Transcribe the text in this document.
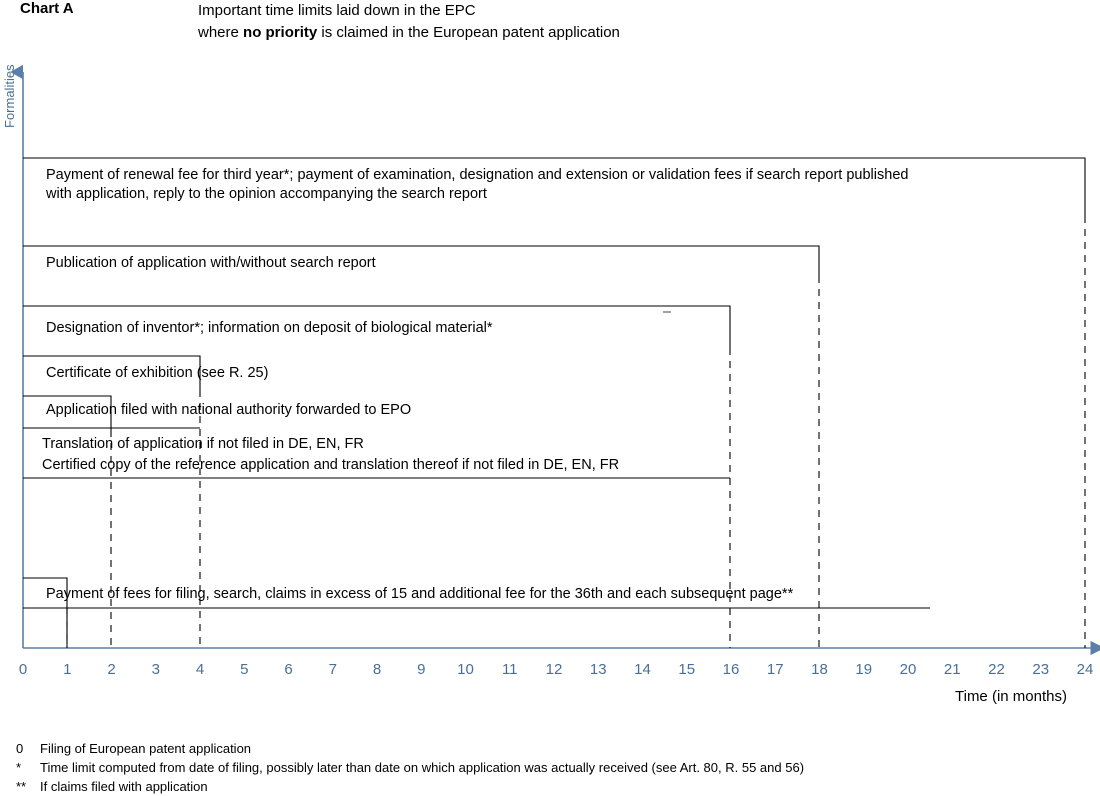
Chart A	Important time limits laid down in the EPC
where no priority is claimed in the European patent application
Formalities
Time (in months)
Payment of renewal fee for third year*; payment of examination, designation and extension or validation fees if search report published
with application, reply to the opinion accompanying the search report
Publication of application with/without search report
Designation of inventor*; information on deposit of biological material*
Certificate of exhibition (see R. 25)
Application filed with national authority forwarded to EPO
Translation of application if not filed in DE, EN, FR
Certified copy of the reference application and translation thereof if not filed in DE, EN, FR
Payment of fees for filing, search, claims in excess of 15 and additional fee for the 36th and each subsequent page**
0	1	2	3	4	5	6	7	8	9	10	11	12	13	14	15	16	17	18	19	20	21	22	23	24
0 Filing of European patent application
* Time limit computed from date of filing, possibly later than date on which application was actually received (see Art. 80, R. 55 and 56)
** If claims filed with application
